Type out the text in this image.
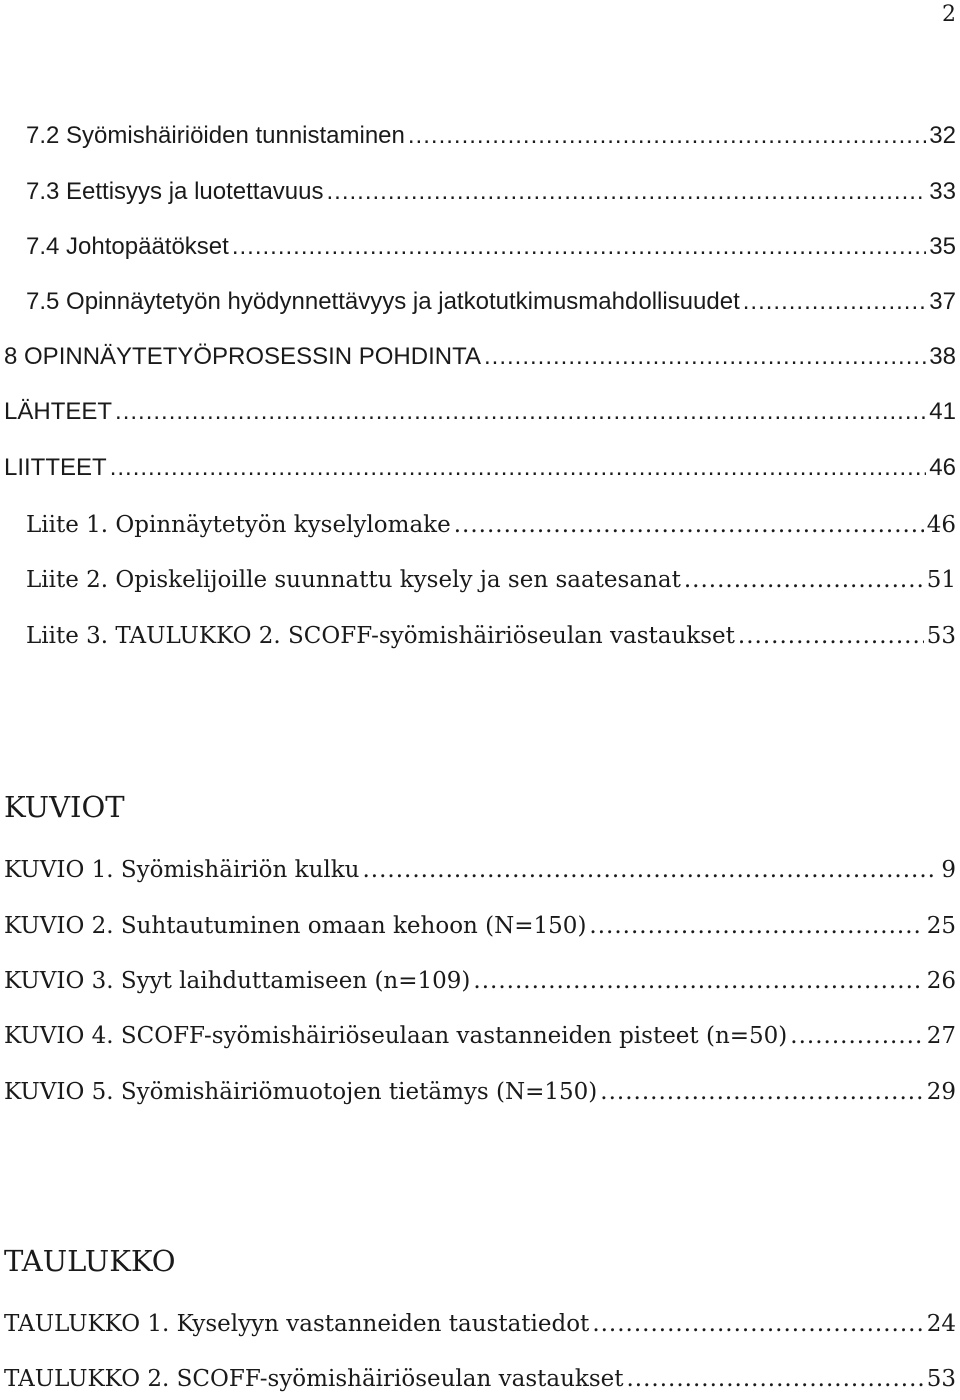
2
7.2 Syömishäiriöiden tunnistaminen .....	32
7.3 Eettisyys ja luotettavuus .....	33
7.4 Johtopäätökset .....	35
7.5 Opinnäytetyön hyödynnettävyys ja jatkotutkimusmahdollisuudet .....	37
8 OPINNÄYTETYÖPROSESSIN POHDINTA .....	38
LÄHTEET .....	41
LIITTEET .....	46
Liite 1. Opinnäytetyön kyselylomake .....	46
Liite 2. Opiskelijoille suunnattu kysely ja sen saatesanat .....	51
Liite 3. TAULUKKO 2. SCOFF-syömishäiriöseulan vastaukset .....	53
KUVIOT
KUVIO 1. Syömishäiriön kulku .....	9
KUVIO 2. Suhtautuminen omaan kehoon (N=150) .....	25
KUVIO 3. Syyt laihduttamiseen (n=109) .....	26
KUVIO 4. SCOFF-syömishäiriöseulaan vastanneiden pisteet (n=50) .....	27
KUVIO 5. Syömishäiriömuotojen tietämys (N=150) .....	29
TAULUKKO
TAULUKKO 1. Kyselyyn vastanneiden taustatiedot .....	24
TAULUKKO 2. SCOFF-syömishäiriöseulan vastaukset .....	53
